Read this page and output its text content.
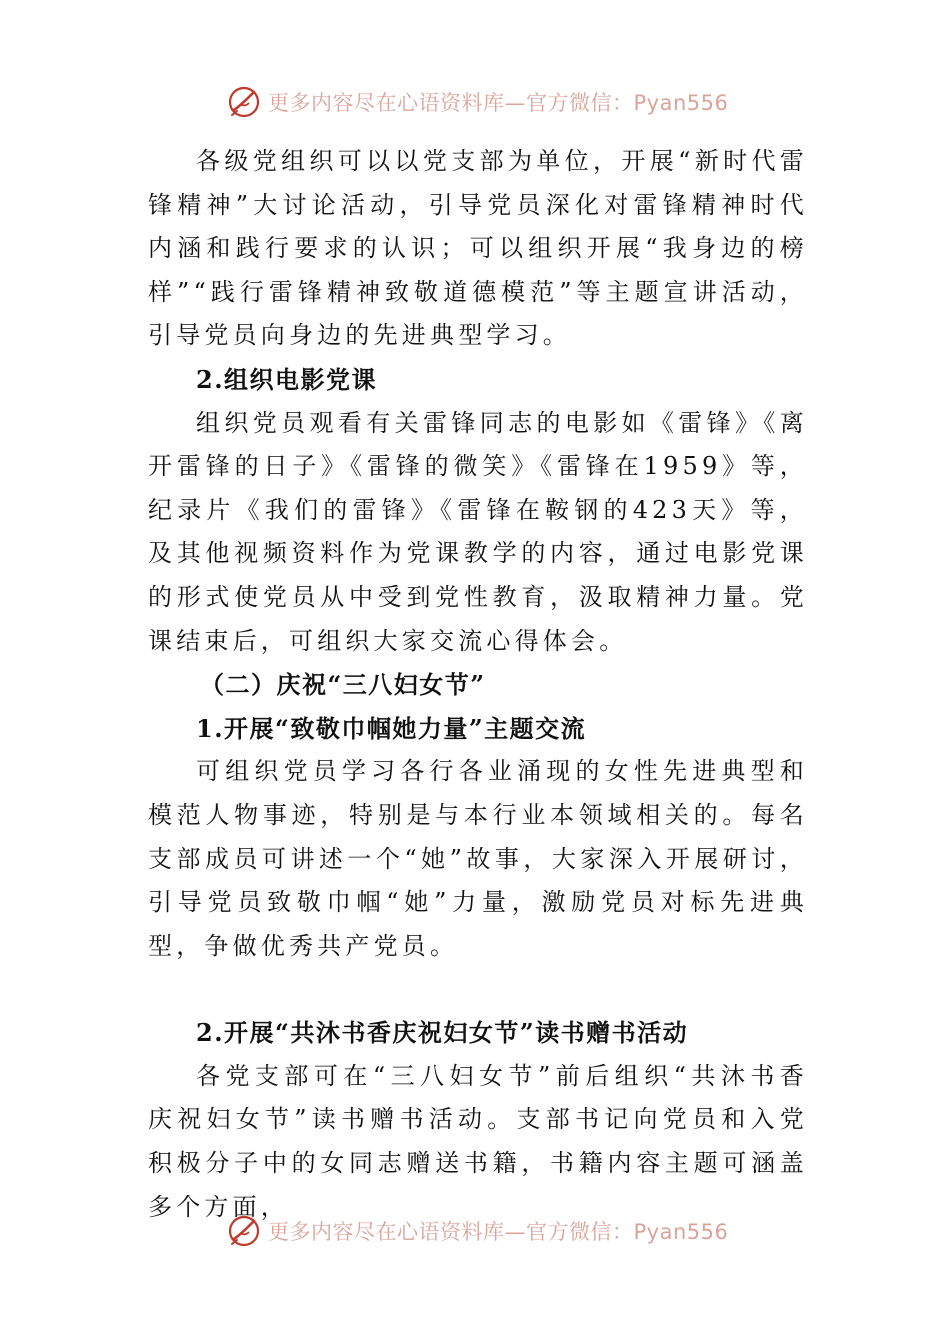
更多内容尽在心语资料库—官方微信：Pyan556

各级党组织可以以党支部为单位，开展“新时代雷锋精神”大讨论活动，引导党员深化对雷锋精神时代内涵和践行要求的认识；可以组织开展“我身边的榜样”“践行雷锋精神致敬道德模范”等主题宣讲活动，引导党员向身边的先进典型学习。

2.组织电影党课

组织党员观看有关雷锋同志的电影如《雷锋》《离开雷锋的日子》《雷锋的微笑》《雷锋在1959》等，纪录片《我们的雷锋》《雷锋在鞍钢的423天》等，及其他视频资料作为党课教学的内容，通过电影党课的形式使党员从中受到党性教育，汲取精神力量。党课结束后，可组织大家交流心得体会。

（二）庆祝“三八妇女节”

1.开展“致敬巾帼她力量”主题交流

可组织党员学习各行各业涌现的女性先进典型和模范人物事迹，特别是与本行业本领域相关的。每名支部成员可讲述一个“她”故事，大家深入开展研讨，引导党员致敬巾帼“她”力量，激励党员对标先进典型，争做优秀共产党员。

2.开展“共沐书香庆祝妇女节”读书赠书活动

各党支部可在“三八妇女节”前后组织“共沐书香庆祝妇女节”读书赠书活动。支部书记向党员和入党积极分子中的女同志赠送书籍，书籍内容主题可涵盖多个方面，

更多内容尽在心语资料库—官方微信：Pyan556
